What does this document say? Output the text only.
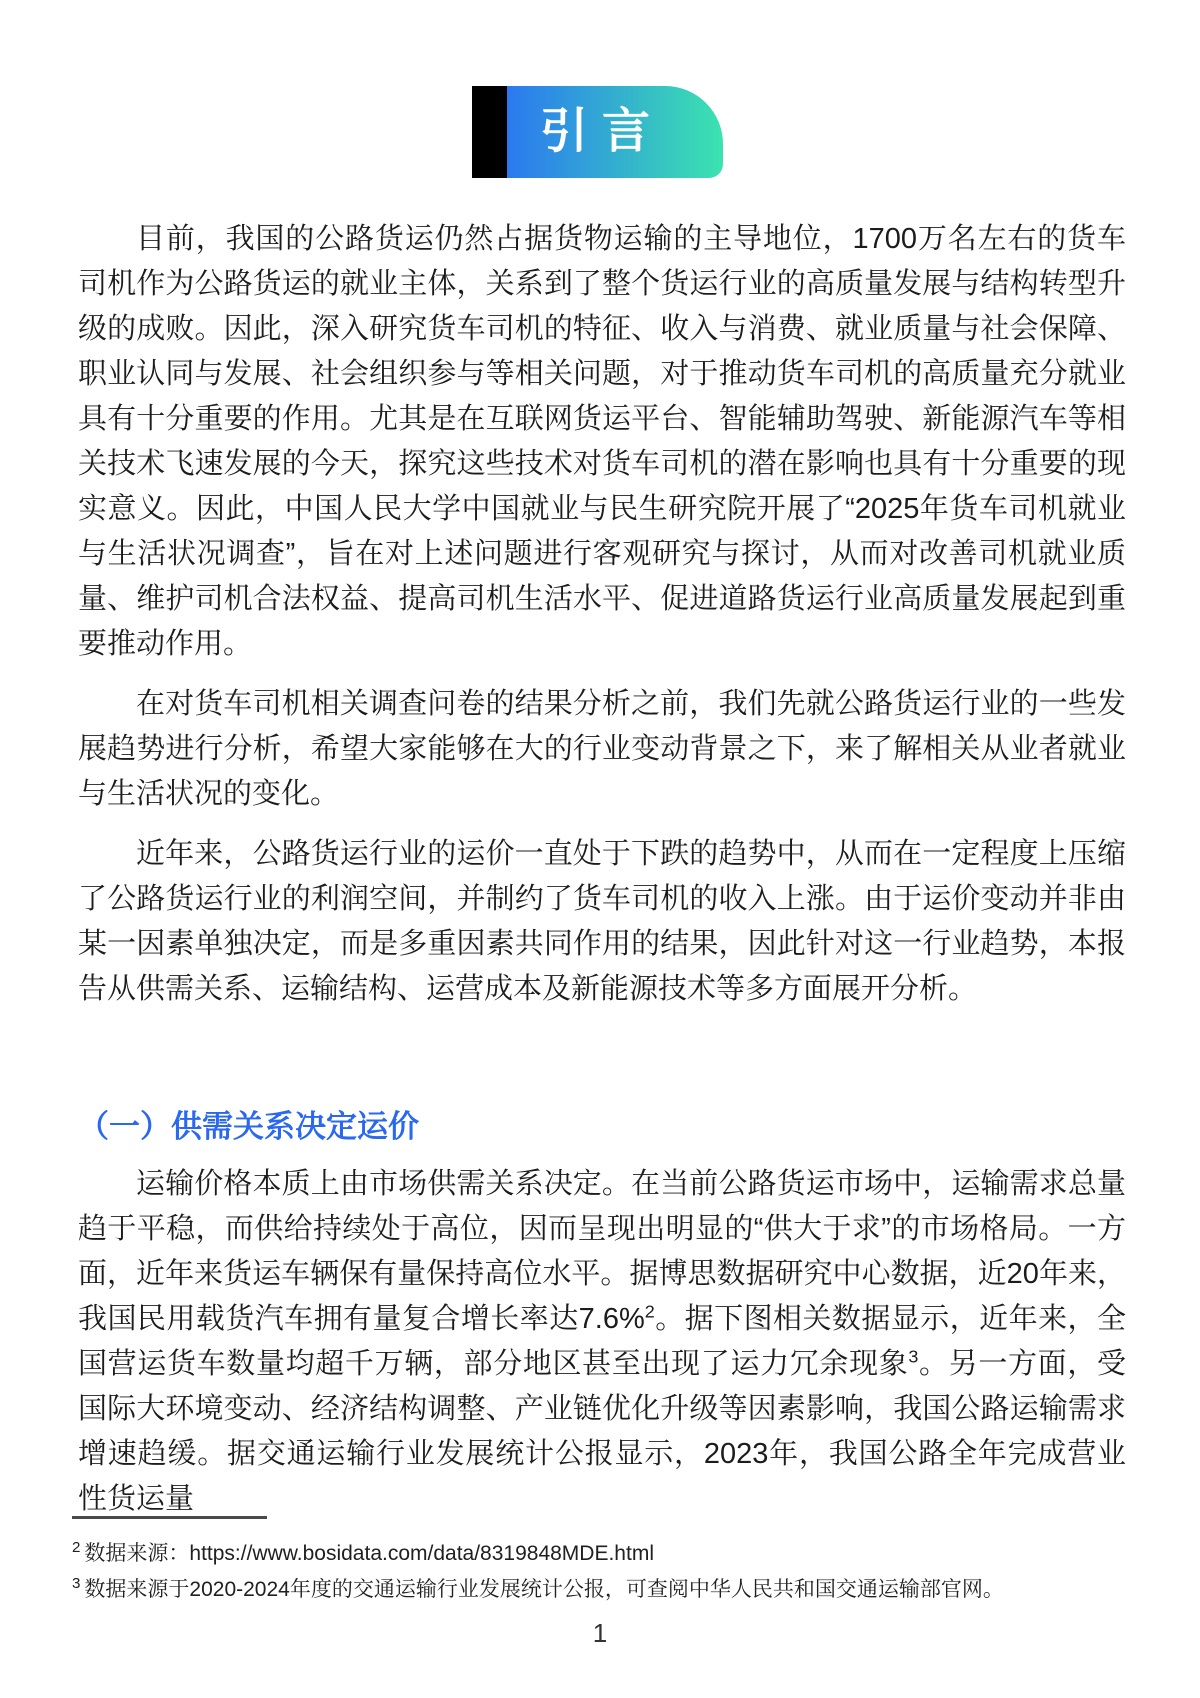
引言

目前，我国的公路货运仍然占据货物运输的主导地位，1700万名左右的货车司机作为公路货运的就业主体，关系到了整个货运行业的高质量发展与结构转型升级的成败。因此，深入研究货车司机的特征、收入与消费、就业质量与社会保障、职业认同与发展、社会组织参与等相关问题，对于推动货车司机的高质量充分就业具有十分重要的作用。尤其是在互联网货运平台、智能辅助驾驶、新能源汽车等相关技术飞速发展的今天，探究这些技术对货车司机的潜在影响也具有十分重要的现实意义。因此，中国人民大学中国就业与民生研究院开展了“2025年货车司机就业与生活状况调查”，旨在对上述问题进行客观研究与探讨，从而对改善司机就业质量、维护司机合法权益、提高司机生活水平、促进道路货运行业高质量发展起到重要推动作用。

在对货车司机相关调查问卷的结果分析之前，我们先就公路货运行业的一些发展趋势进行分析，希望大家能够在大的行业变动背景之下，来了解相关从业者就业与生活状况的变化。

近年来，公路货运行业的运价一直处于下跌的趋势中，从而在一定程度上压缩了公路货运行业的利润空间，并制约了货车司机的收入上涨。由于运价变动并非由某一因素单独决定，而是多重因素共同作用的结果，因此针对这一行业趋势，本报告从供需关系、运输结构、运营成本及新能源技术等多方面展开分析。

（一）供需关系决定运价

运输价格本质上由市场供需关系决定。在当前公路货运市场中，运输需求总量趋于平稳，而供给持续处于高位，因而呈现出明显的“供大于求”的市场格局。一方面，近年来货运车辆保有量保持高位水平。据博思数据研究中心数据，近20年来，我国民用载货汽车拥有量复合增长率达7.6%$^2$。据下图相关数据显示，近年来，全国营运货车数量均超千万辆，部分地区甚至出现了运力冗余现象$^3$。另一方面，受国际大环境变动、经济结构调整、产业链优化升级等因素影响，我国公路运输需求增速趋缓。据交通运输行业发展统计公报显示，2023年，我国公路全年完成营业性货运量

$^2$ 数据来源：https://www.bosidata.com/data/8319848MDE.html
$^3$ 数据来源于2020-2024年度的交通运输行业发展统计公报，可查阅中华人民共和国交通运输部官网。
1
